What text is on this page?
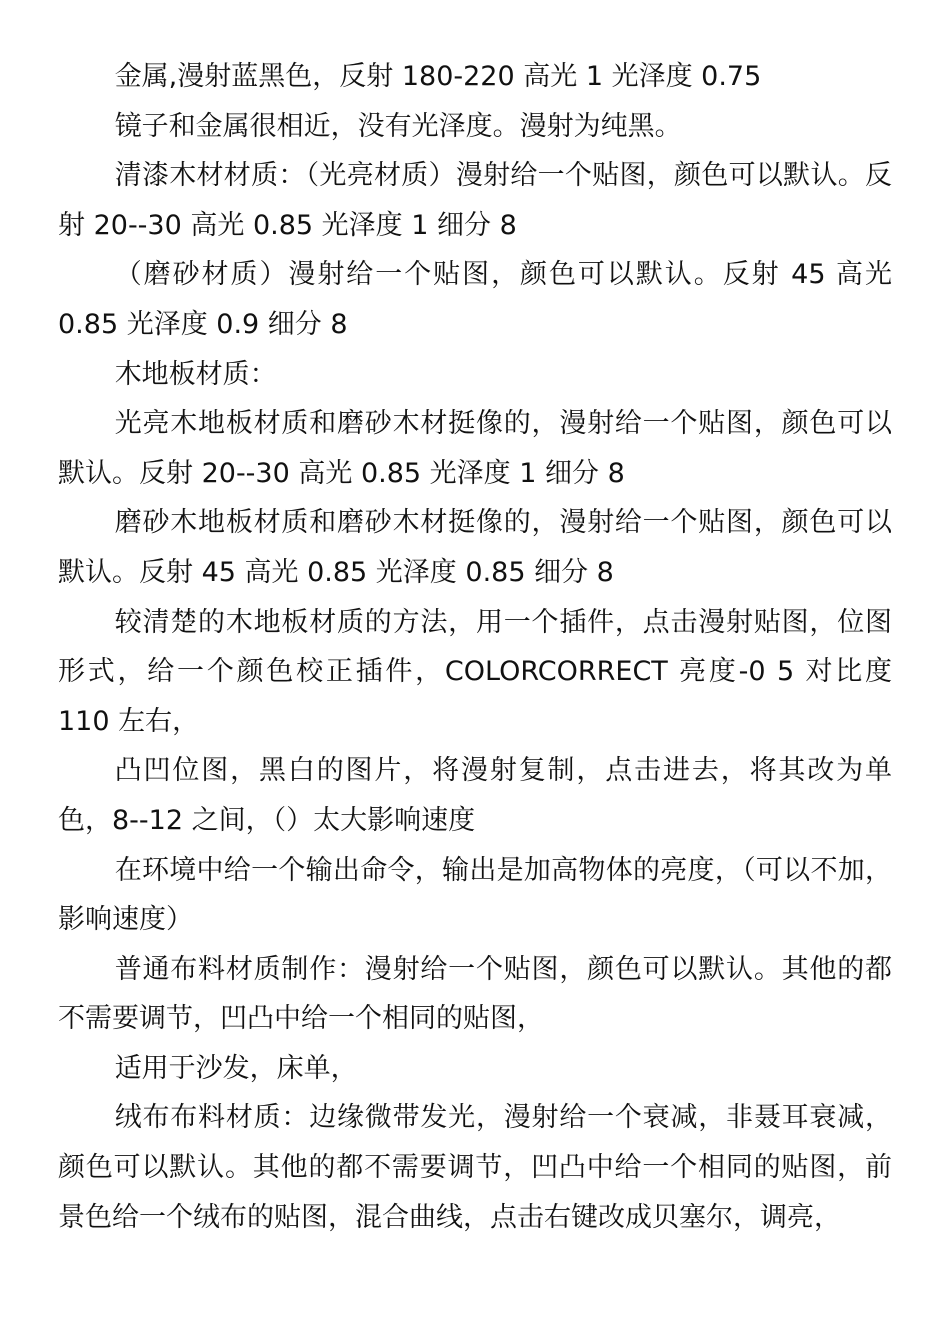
金属,漫射蓝黑色，反射 180-220 高光 1 光泽度 0.75

镜子和金属很相近，没有光泽度。漫射为纯黑。

清漆木材材质：（光亮材质）漫射给一个贴图，颜色可以默认。反射 20--30 高光 0.85 光泽度 1 细分 8

（磨砂材质）漫射给一个贴图，颜色可以默认。反射 45 高光 0.85 光泽度 0.9 细分 8

木地板材质：

光亮木地板材质和磨砂木材挺像的，漫射给一个贴图，颜色可以默认。反射 20--30 高光 0.85 光泽度 1 细分 8

磨砂木地板材质和磨砂木材挺像的，漫射给一个贴图，颜色可以默认。反射 45 高光 0.85 光泽度 0.85 细分 8

较清楚的木地板材质的方法，用一个插件，点击漫射贴图，位图形式，给一个颜色校正插件，COLORCORRECT 亮度-0 5 对比度 110 左右，

凸凹位图，黑白的图片，将漫射复制，点击进去，将其改为单色，8--12 之间，（）太大影响速度

在环境中给一个输出命令，输出是加高物体的亮度，（可以不加，影响速度）

普通布料材质制作：漫射给一个贴图，颜色可以默认。其他的都不需要调节，凹凸中给一个相同的贴图，

适用于沙发，床单，

绒布布料材质：边缘微带发光，漫射给一个衰减，非聂耳衰减，颜色可以默认。其他的都不需要调节，凹凸中给一个相同的贴图，前景色给一个绒布的贴图，混合曲线，点击右键改成贝塞尔，调亮，
